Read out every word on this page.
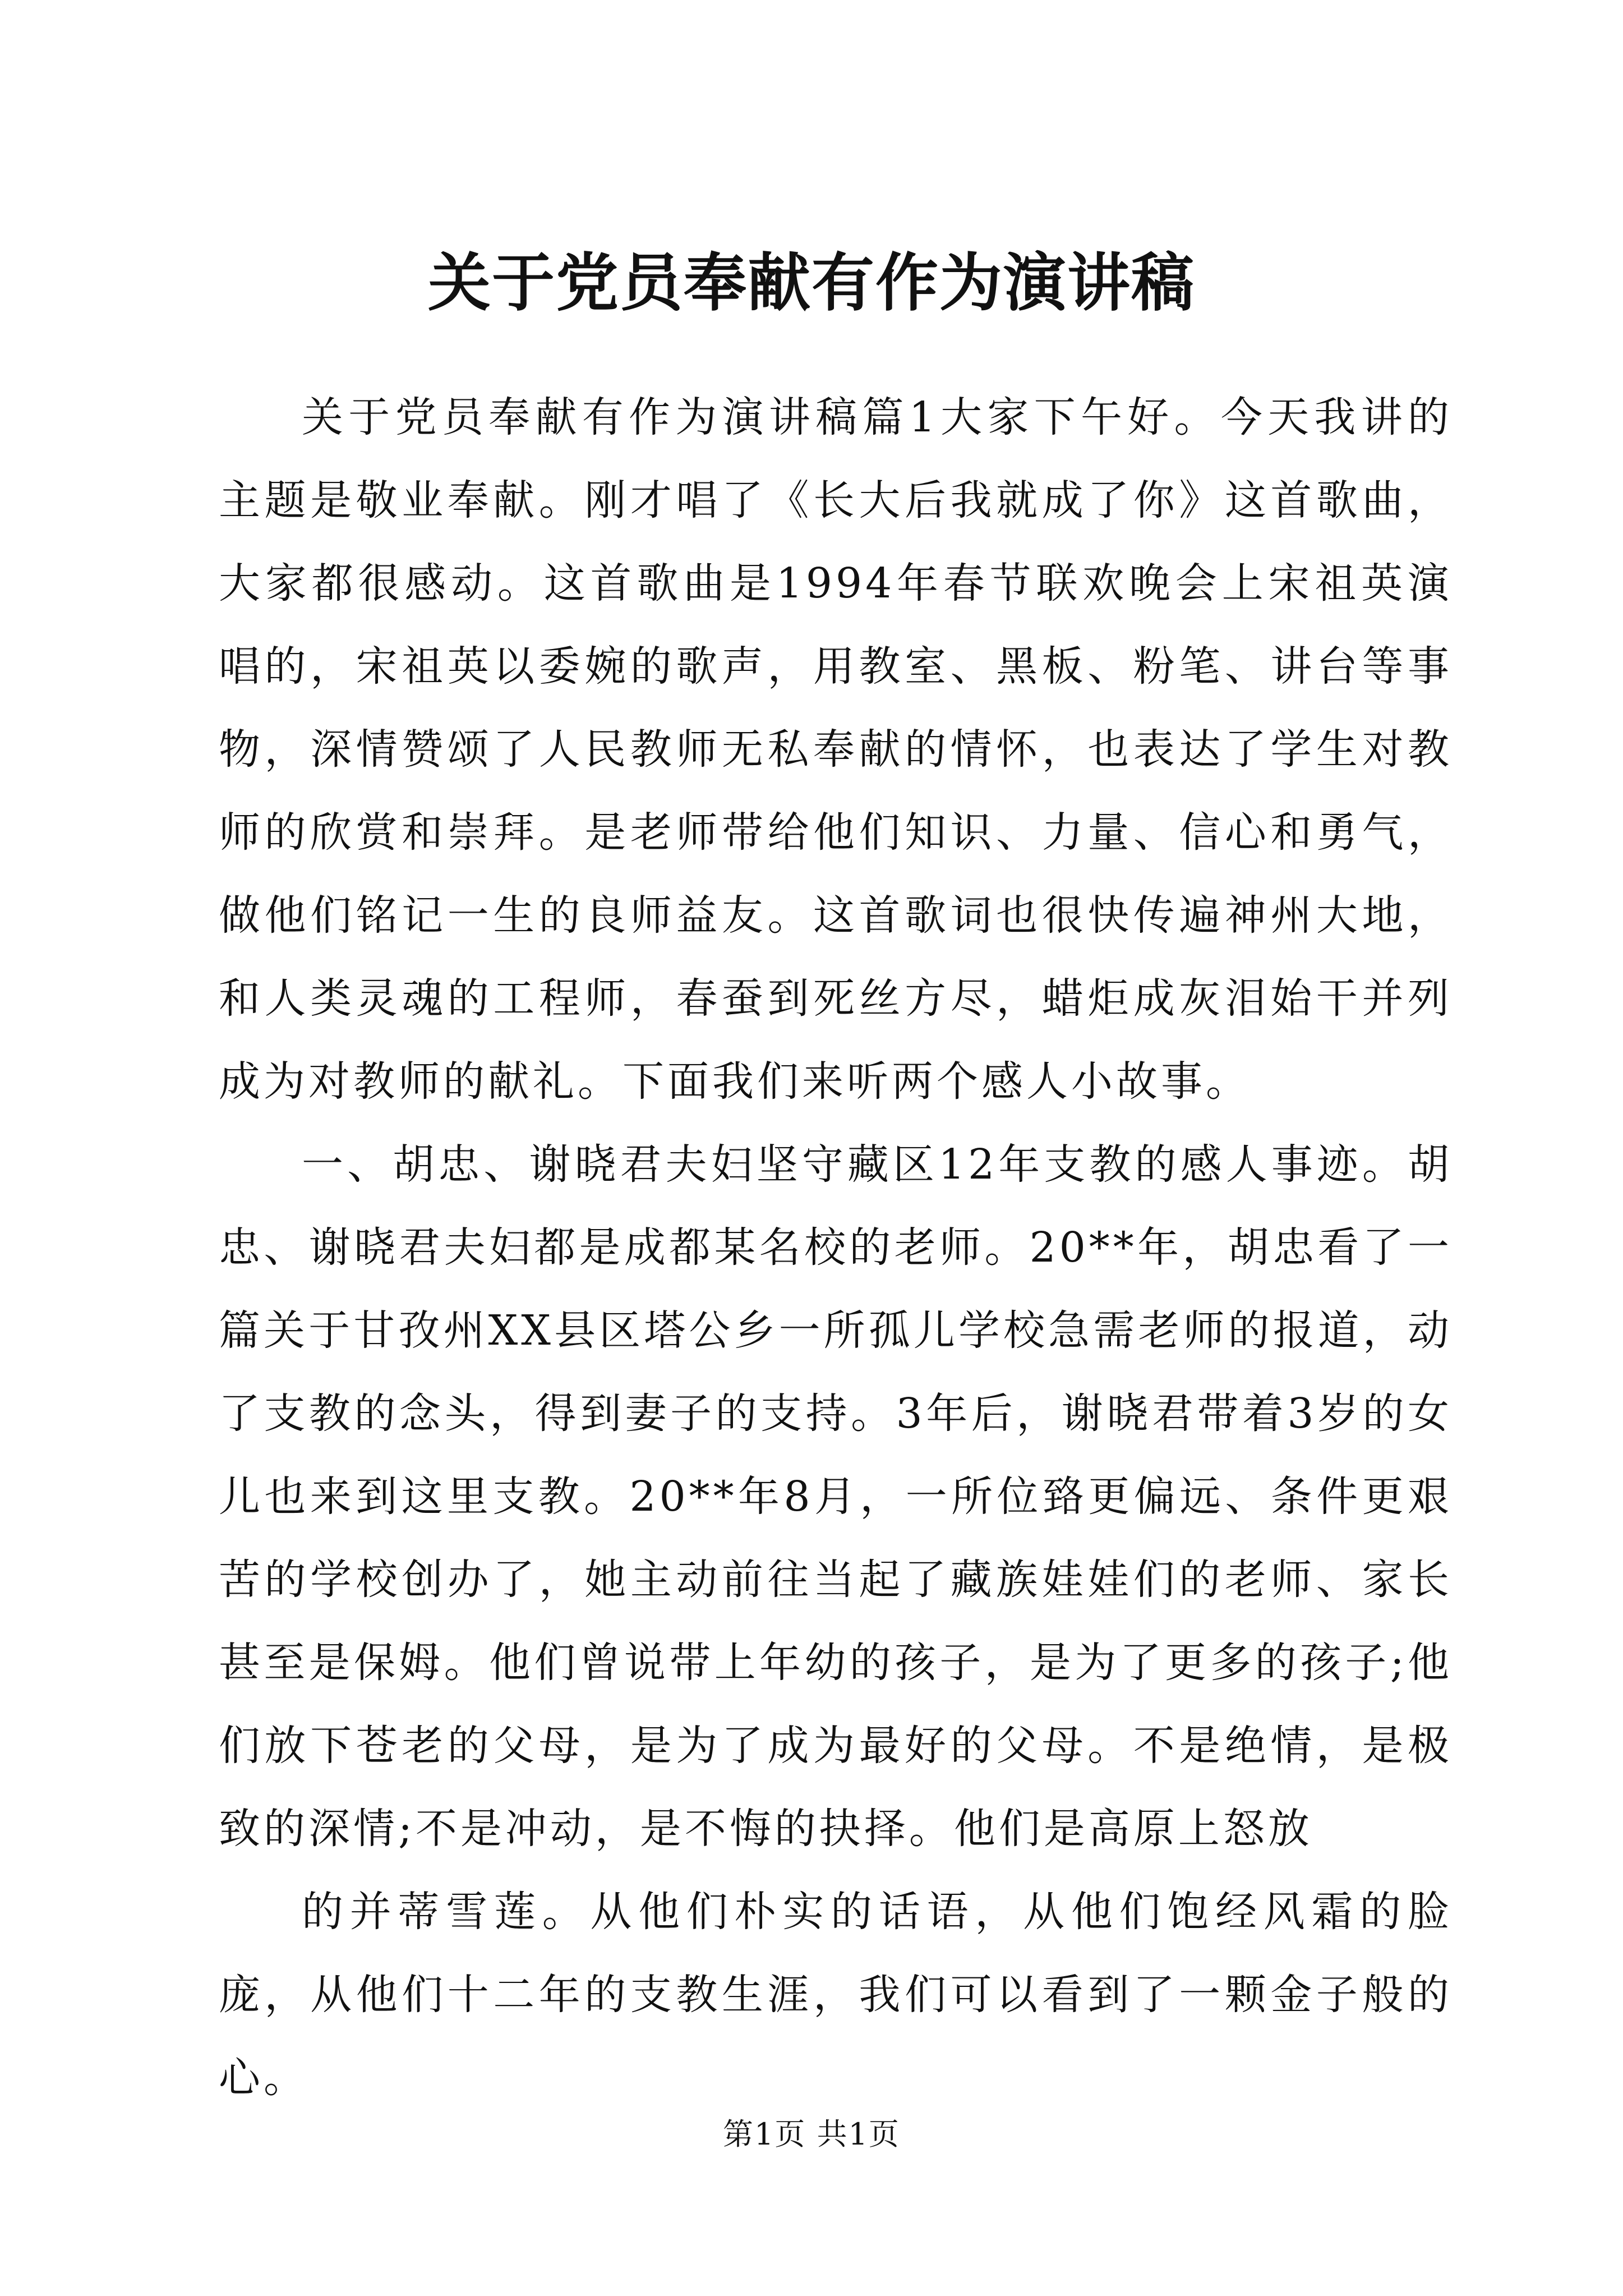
关于党员奉献有作为演讲稿

关于党员奉献有作为演讲稿篇1大家下午好。今天我讲的主题是敬业奉献。刚才唱了《长大后我就成了你》这首歌曲，大家都很感动。这首歌曲是1994年春节联欢晚会上宋祖英演唱的，宋祖英以委婉的歌声，用教室、黑板、粉笔、讲台等事物，深情赞颂了人民教师无私奉献的情怀，也表达了学生对教师的欣赏和崇拜。是老师带给他们知识、力量、信心和勇气，做他们铭记一生的良师益友。这首歌词也很快传遍神州大地，和人类灵魂的工程师，春蚕到死丝方尽，蜡炬成灰泪始干并列成为对教师的献礼。下面我们来听两个感人小故事。

一、胡忠、谢晓君夫妇坚守藏区12年支教的感人事迹。胡忠、谢晓君夫妇都是成都某名校的老师。20**年，胡忠看了一篇关于甘孜州XX县区塔公乡一所孤儿学校急需老师的报道，动了支教的念头，得到妻子的支持。3年后，谢晓君带着3岁的女儿也来到这里支教。20**年8月，一所位臵更偏远、条件更艰苦的学校创办了，她主动前往当起了藏族娃娃们的老师、家长甚至是保姆。他们曾说带上年幼的孩子，是为了更多的孩子;他们放下苍老的父母，是为了成为最好的父母。不是绝情，是极致的深情;不是冲动，是不悔的抉择。他们是高原上怒放

的并蒂雪莲。从他们朴实的话语，从他们饱经风霜的脸庞，从他们十二年的支教生涯，我们可以看到了一颗金子般的心。

第1页 共1页
